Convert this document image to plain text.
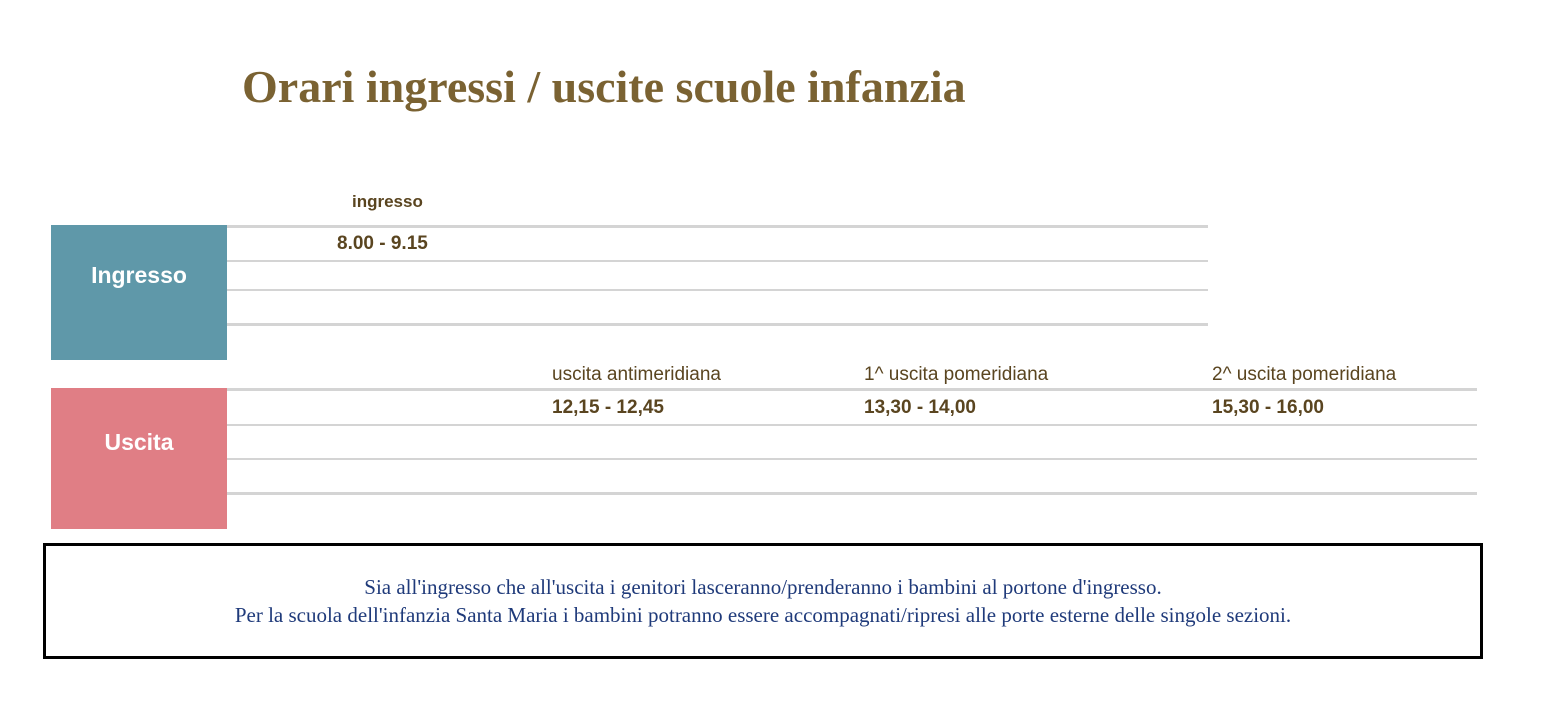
Orari ingressi / uscite scuole infanzia
Ingresso
ingresso
8.00 - 9.15
uscita antimeridiana	1^ uscita pomeridiana	2^ uscita pomeridiana
Uscita
12,15 - 12,45	13,30 - 14,00	15,30 - 16,00
Sia all'ingresso che all'uscita i genitori lasceranno/prenderanno i bambini al portone d'ingresso.
Per la scuola dell'infanzia Santa Maria i bambini potranno essere accompagnati/ripresi alle porte esterne delle singole sezioni.
